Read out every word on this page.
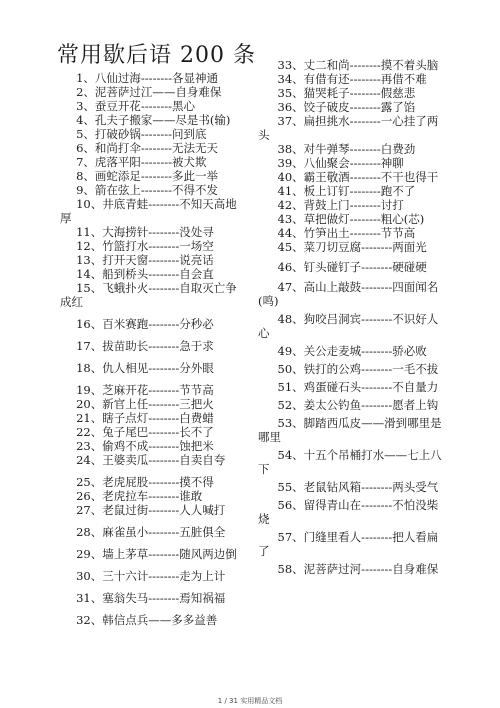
常用歇后语 200 条

1、八仙过海--------各显神通

2、泥菩萨过江——自身难保

3、蚕豆开花--------黑心

4、孔夫子搬家——尽是书(输)

5、打破砂锅--------问到底

6、和尚打伞--------无法无天

7、虎落平阳--------被犬欺

8、画蛇添足--------多此一举

9、箭在弦上--------不得不发

10、井底青蛙--------不知天高地厚

11、大海捞针--------没处寻

12、竹篮打水--------一场空

13、打开天窗--------说亮话

14、船到桥头--------自会直

15、飞蛾扑火--------自取灭亡争成红

16、百米赛跑--------分秒必

17、拔苗助长--------急于求

18、仇人相见--------分外眼

19、芝麻开花--------节节高

20、新官上任--------三把火

21、瞎子点灯--------白费蜡

22、兔子尾巴--------长不了

23、偷鸡不成--------蚀把米

24、王婆卖瓜--------自卖自夸

25、老虎屁股--------摸不得

26、老虎拉车--------谁敢

27、老鼠过街--------人人喊打

28、麻雀虽小--------五脏俱全

29、墙上茅草--------随风两边倒

30、三十六计--------走为上计

31、塞翁失马--------焉知祸福

32、韩信点兵——多多益善

33、丈二和尚--------摸不着头脑

34、有借有还--------再借不难

35、猫哭耗子--------假慈悲

36、饺子破皮--------露了馅

37、扁担挑水--------一心挂了两头

38、对牛弹琴--------白费劲

39、八仙聚会--------神聊

40、霸王敬酒--------不干也得干

41、板上订钉--------跑不了

42、背鼓上门--------讨打

43、草把做灯--------粗心(芯)

44、竹笋出土--------节节高

45、菜刀切豆腐--------两面光

46、钉头碰钉子--------硬碰硬

47、高山上敲鼓--------四面闻名(鸣)

48、狗咬吕洞宾--------不识好人心

49、关公走麦城--------骄必败

50、铁打的公鸡--------一毛不拔

51、鸡蛋碰石头--------不自量力

52、姜太公钓鱼--------愿者上钩

53、脚踏西瓜皮——滑到哪里是哪里

54、十五个吊桶打水——七上八下

55、老鼠钻风箱--------两头受气

56、留得青山在--------不怕没柴烧

57、门缝里看人--------把人看扁了

58、泥菩萨过河--------自身难保

1 / 31 实用精品文档
